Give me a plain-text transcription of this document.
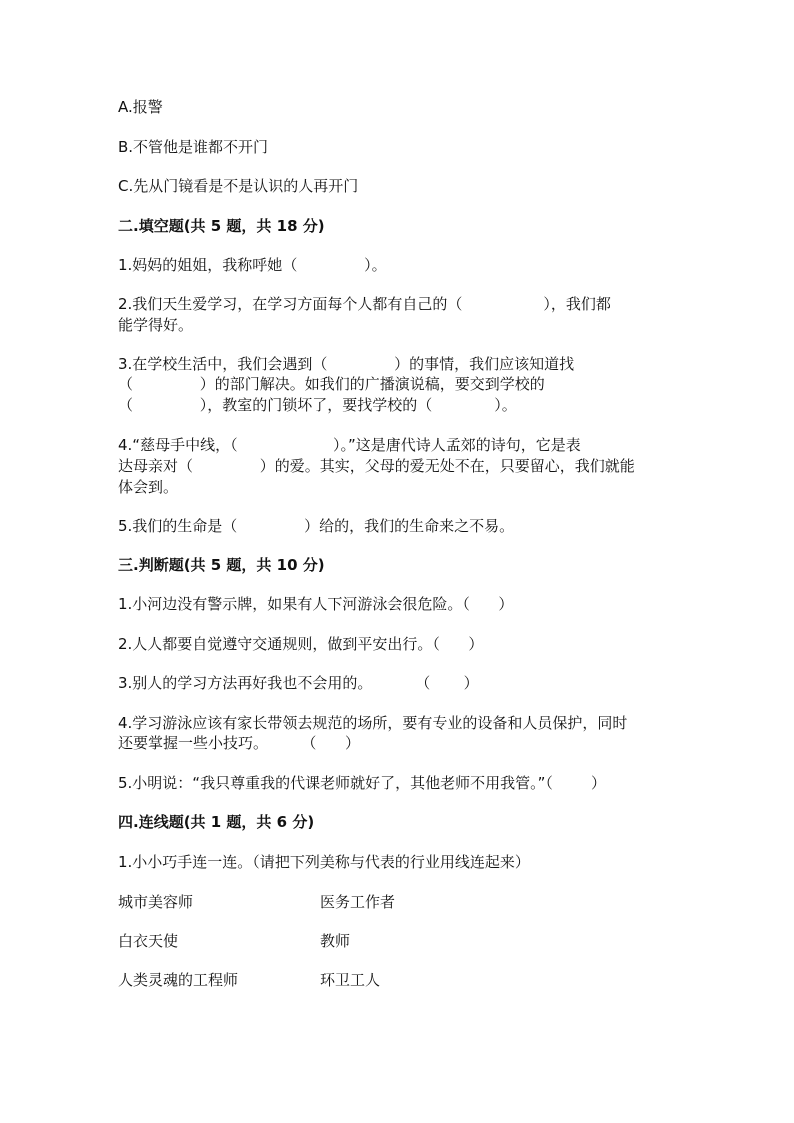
A.报警
B.不管他是谁都不开门
C.先从门镜看是不是认识的人再开门
二.填空题(共 5 题，共 18 分)
1.妈妈的姐姐，我称呼她（              ）。
2.我们天生爱学习，在学习方面每个人都有自己的（                 ），我们都
能学得好。
3.在学校生活中，我们会遇到（              ）的事情，我们应该知道找
（              ）的部门解决。如我们的广播演说稿，要交到学校的
（              ），教室的门锁坏了，要找学校的（             ）。
4.“慈母手中线，（                    ）。”这是唐代诗人孟郊的诗句，它是表
达母亲对（              ）的爱。其实，父母的爱无处不在，只要留心，我们就能
体会到。
5.我们的生命是（              ）给的，我们的生命来之不易。
三.判断题(共 5 题，共 10 分)
1.小河边没有警示牌，如果有人下河游泳会很危险。（      ）
2.人人都要自觉遵守交通规则，做到平安出行。（      ）
3.别人的学习方法再好我也不会用的。         （       ）
4.学习游泳应该有家长带领去规范的场所，要有专业的设备和人员保护，同时
还要掌握一些小技巧。       （      ）
5.小明说：“我只尊重我的代课老师就好了，其他老师不用我管。”（        ）
四.连线题(共 1 题，共 6 分)
1.小小巧手连一连。（请把下列美称与代表的行业用线连起来）
城市美容师	医务工作者
白衣天使	教师
人类灵魂的工程师	环卫工人
